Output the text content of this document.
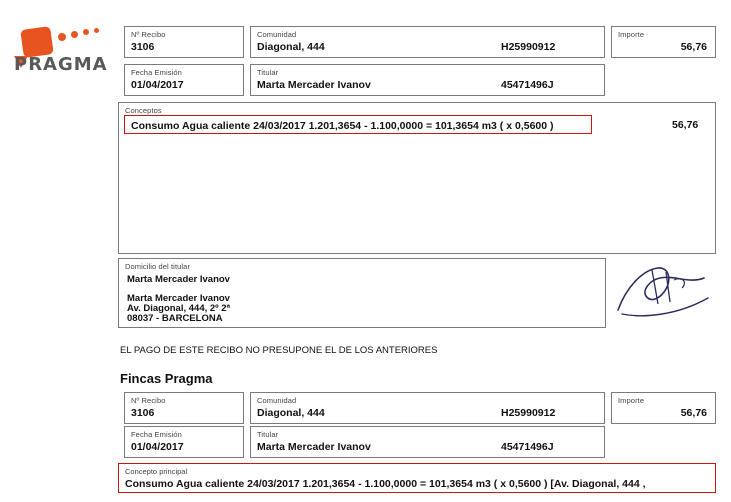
PRAGMA
Nº Recibo
3106
Comunidad
Diagonal, 444	H25990912
Importe
56,76
Fecha Emisión
01/04/2017
Titular
Marta Mercader Ivanov	45471496J
Conceptos
Consumo Agua caliente 24/03/2017 1.201,3654 - 1.100,0000 = 101,3654 m3 ( x 0,5600 )	56,76
Domicilio del titular
Marta Mercader Ivanov
Marta Mercader Ivanov
Av. Diagonal, 444, 2º 2ª
08037 - BARCELONA
EL PAGO DE ESTE RECIBO NO PRESUPONE EL DE LOS ANTERIORES
Fincas Pragma
Nº Recibo
3106
Comunidad
Diagonal, 444	H25990912
Importe
56,76
Fecha Emisión
01/04/2017
Titular
Marta Mercader Ivanov	45471496J
Concepto principal
Consumo Agua caliente 24/03/2017 1.201,3654 - 1.100,0000 = 101,3654 m3 ( x 0,5600 ) [Av. Diagonal, 444 ,
